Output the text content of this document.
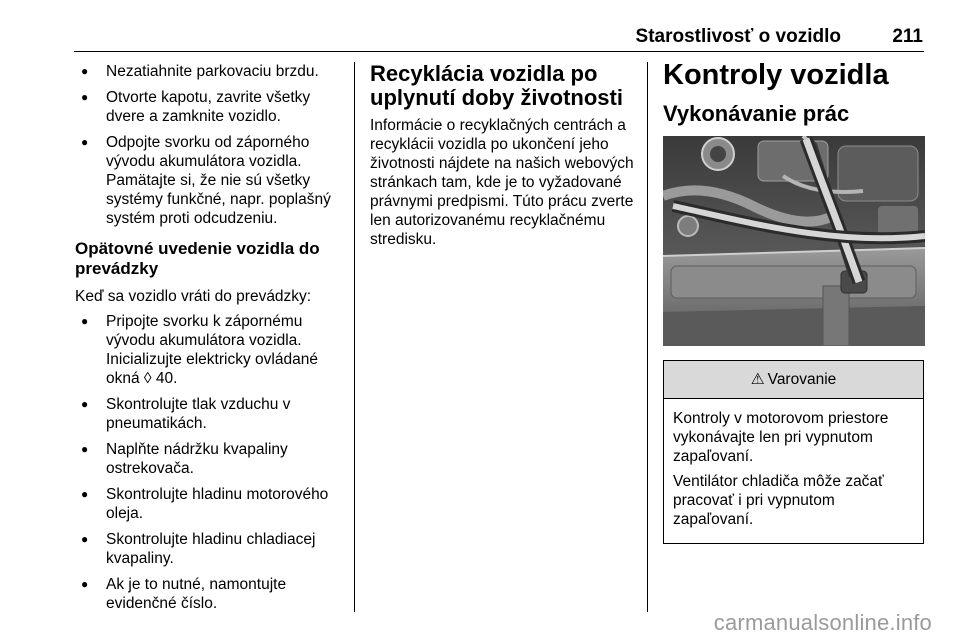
Starostlivosť o vozidlo	211
● Nezatiahnite parkovaciu brzdu.
● Otvorte kapotu, zavrite všetky dvere a zamknite vozidlo.
● Odpojte svorku od záporného vývodu akumulátora vozidla. Pamätajte si, že nie sú všetky systémy funkčné, napr. poplašný systém proti odcudzeniu.
Opätovné uvedenie vozidla do prevádzky

Keď sa vozidlo vráti do prevádzky:

● Pripojte svorku k zápornému vývodu akumulátora vozidla. Inicializujte elektricky ovládané okná ◊ 40.
● Skontrolujte tlak vzduchu v pneumatikách.
● Naplňte nádržku kvapaliny ostrekovača.
● Skontrolujte hladinu motorového oleja.
● Skontrolujte hladinu chladiacej kvapaliny.
● Ak je to nutné, namontujte evidenčné číslo.
Recyklácia vozidla po uplynutí doby životnosti

Informácie o recyklačných centrách a recyklácii vozidla po ukončení jeho životnosti nájdete na našich webových stránkach tam, kde je to vyžadované právnymi predpismi. Túto prácu zverte len autorizovanému recyklačnému stredisku.

Kontroly vozidla
Vykonávanie prác
⚠ Varovanie

Kontroly v motorovom priestore vykonávajte len pri vypnutom zapaľovaní.

Ventilátor chladiča môže začať pracovať i pri vypnutom zapaľovaní.

carmanualsonline.info
